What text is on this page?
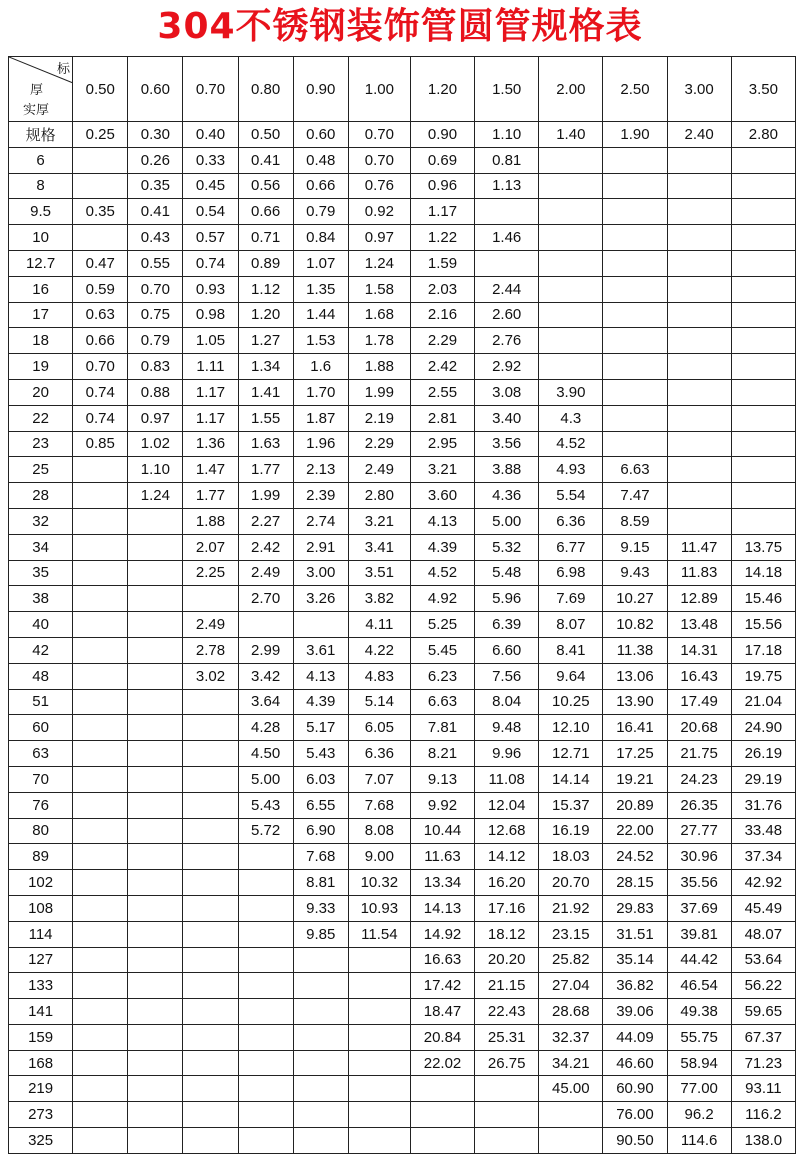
304不锈钢装饰管圆管规格表
标
厚
实厚	0.50	0.60	0.70	0.80	0.90	1.00	1.20	1.50	2.00	2.50	3.00	3.50
规格	0.25	0.30	0.40	0.50	0.60	0.70	0.90	1.10	1.40	1.90	2.40	2.80
6		0.26	0.33	0.41	0.48	0.70	0.69	0.81				
8		0.35	0.45	0.56	0.66	0.76	0.96	1.13				
9.5	0.35	0.41	0.54	0.66	0.79	0.92	1.17					
10		0.43	0.57	0.71	0.84	0.97	1.22	1.46				
12.7	0.47	0.55	0.74	0.89	1.07	1.24	1.59					
16	0.59	0.70	0.93	1.12	1.35	1.58	2.03	2.44				
17	0.63	0.75	0.98	1.20	1.44	1.68	2.16	2.60				
18	0.66	0.79	1.05	1.27	1.53	1.78	2.29	2.76				
19	0.70	0.83	1.11	1.34	1.6	1.88	2.42	2.92				
20	0.74	0.88	1.17	1.41	1.70	1.99	2.55	3.08	3.90			
22	0.74	0.97	1.17	1.55	1.87	2.19	2.81	3.40	4.3			
23	0.85	1.02	1.36	1.63	1.96	2.29	2.95	3.56	4.52			
25		1.10	1.47	1.77	2.13	2.49	3.21	3.88	4.93	6.63		
28		1.24	1.77	1.99	2.39	2.80	3.60	4.36	5.54	7.47		
32			1.88	2.27	2.74	3.21	4.13	5.00	6.36	8.59		
34			2.07	2.42	2.91	3.41	4.39	5.32	6.77	9.15	11.47	13.75
35			2.25	2.49	3.00	3.51	4.52	5.48	6.98	9.43	11.83	14.18
38				2.70	3.26	3.82	4.92	5.96	7.69	10.27	12.89	15.46
40			2.49			4.11	5.25	6.39	8.07	10.82	13.48	15.56
42			2.78	2.99	3.61	4.22	5.45	6.60	8.41	11.38	14.31	17.18
48			3.02	3.42	4.13	4.83	6.23	7.56	9.64	13.06	16.43	19.75
51				3.64	4.39	5.14	6.63	8.04	10.25	13.90	17.49	21.04
60				4.28	5.17	6.05	7.81	9.48	12.10	16.41	20.68	24.90
63				4.50	5.43	6.36	8.21	9.96	12.71	17.25	21.75	26.19
70				5.00	6.03	7.07	9.13	11.08	14.14	19.21	24.23	29.19
76				5.43	6.55	7.68	9.92	12.04	15.37	20.89	26.35	31.76
80				5.72	6.90	8.08	10.44	12.68	16.19	22.00	27.77	33.48
89					7.68	9.00	11.63	14.12	18.03	24.52	30.96	37.34
102					8.81	10.32	13.34	16.20	20.70	28.15	35.56	42.92
108					9.33	10.93	14.13	17.16	21.92	29.83	37.69	45.49
114					9.85	11.54	14.92	18.12	23.15	31.51	39.81	48.07
127							16.63	20.20	25.82	35.14	44.42	53.64
133							17.42	21.15	27.04	36.82	46.54	56.22
141							18.47	22.43	28.68	39.06	49.38	59.65
159							20.84	25.31	32.37	44.09	55.75	67.37
168							22.02	26.75	34.21	46.60	58.94	71.23
219									45.00	60.90	77.00	93.11
273										76.00	96.2	116.2
325										90.50	114.6	138.0
